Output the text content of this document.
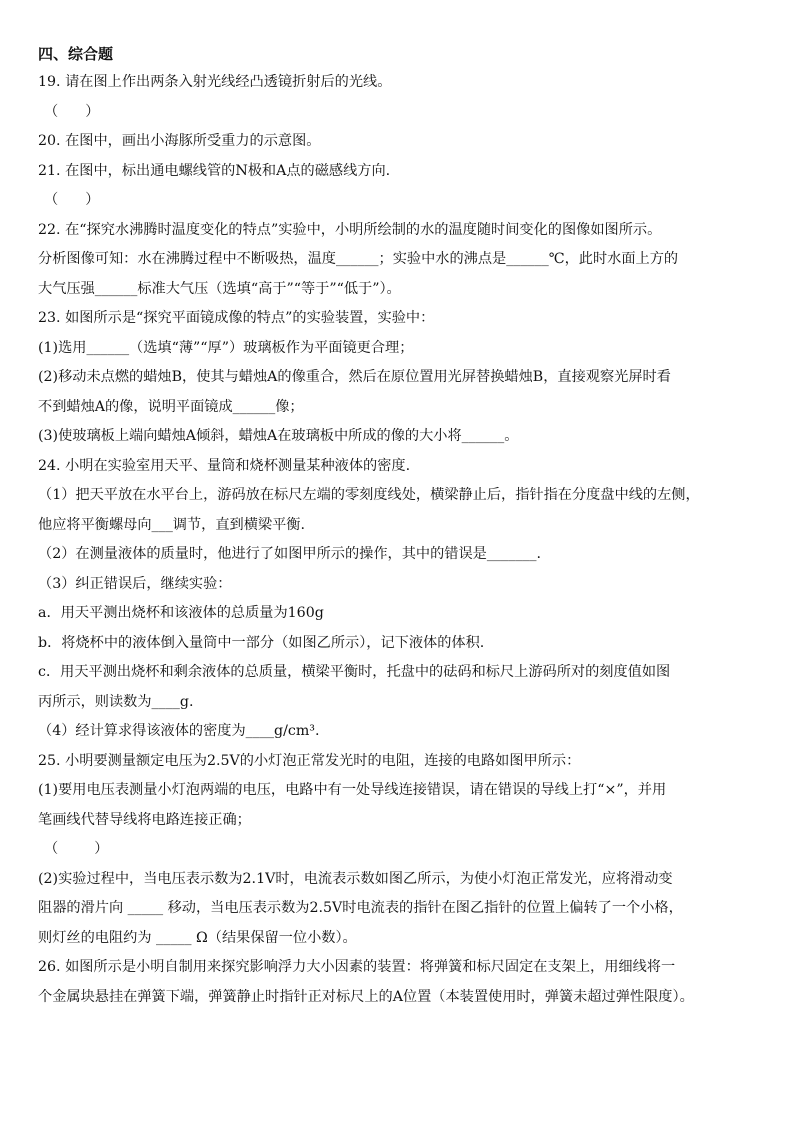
四、综合题
19. 请在图上作出两条入射光线经凸透镜折射后的光线。
（      ）
20. 在图中，画出小海豚所受重力的示意图。
21. 在图中，标出通电螺线管的N极和A点的磁感线方向.
（      ）
22. 在“探究水沸腾时温度变化的特点”实验中，小明所绘制的水的温度随时间变化的图像如图所示。
分析图像可知：水在沸腾过程中不断吸热，温度______；实验中水的沸点是______℃，此时水面上方的
大气压强______标准大气压（选填“高于”“等于”“低于”）。
23. 如图所示是“探究平面镜成像的特点”的实验装置，实验中：
(1)选用______（选填“薄”“厚”）玻璃板作为平面镜更合理；
(2)移动未点燃的蜡烛B，使其与蜡烛A的像重合，然后在原位置用光屏替换蜡烛B，直接观察光屏时看
不到蜡烛A的像，说明平面镜成______像；
(3)使玻璃板上端向蜡烛A倾斜，蜡烛A在玻璃板中所成的像的大小将______。
24. 小明在实验室用天平、量筒和烧杯测量某种液体的密度.
（1）把天平放在水平台上，游码放在标尺左端的零刻度线处，横梁静止后，指针指在分度盘中线的左侧，
他应将平衡螺母向___调节，直到横梁平衡.
（2）在测量液体的质量时，他进行了如图甲所示的操作，其中的错误是_______.
（3）纠正错误后，继续实验：
a．用天平测出烧杯和该液体的总质量为160g
b．将烧杯中的液体倒入量筒中一部分（如图乙所示），记下液体的体积.
c．用天平测出烧杯和剩余液体的总质量，横梁平衡时，托盘中的砝码和标尺上游码所对的刻度值如图
丙所示，则读数为____g.
（4）经计算求得该液体的密度为____g/cm³.
25. 小明要测量额定电压为2.5V的小灯泡正常发光时的电阻，连接的电路如图甲所示：
(1)要用电压表测量小灯泡两端的电压，电路中有一处导线连接错误，请在错误的导线上打“×”，并用
笔画线代替导线将电路连接正确；
（        ）
(2)实验过程中，当电压表示数为2.1V时，电流表示数如图乙所示，为使小灯泡正常发光，应将滑动变
阻器的滑片向 _____ 移动，当电压表示数为2.5V时电流表的指针在图乙指针的位置上偏转了一个小格，
则灯丝的电阻约为 _____ Ω（结果保留一位小数）。
26. 如图所示是小明自制用来探究影响浮力大小因素的装置：将弹簧和标尺固定在支架上，用细线将一
个金属块悬挂在弹簧下端，弹簧静止时指针正对标尺上的A位置（本装置使用时，弹簧未超过弹性限度）。
